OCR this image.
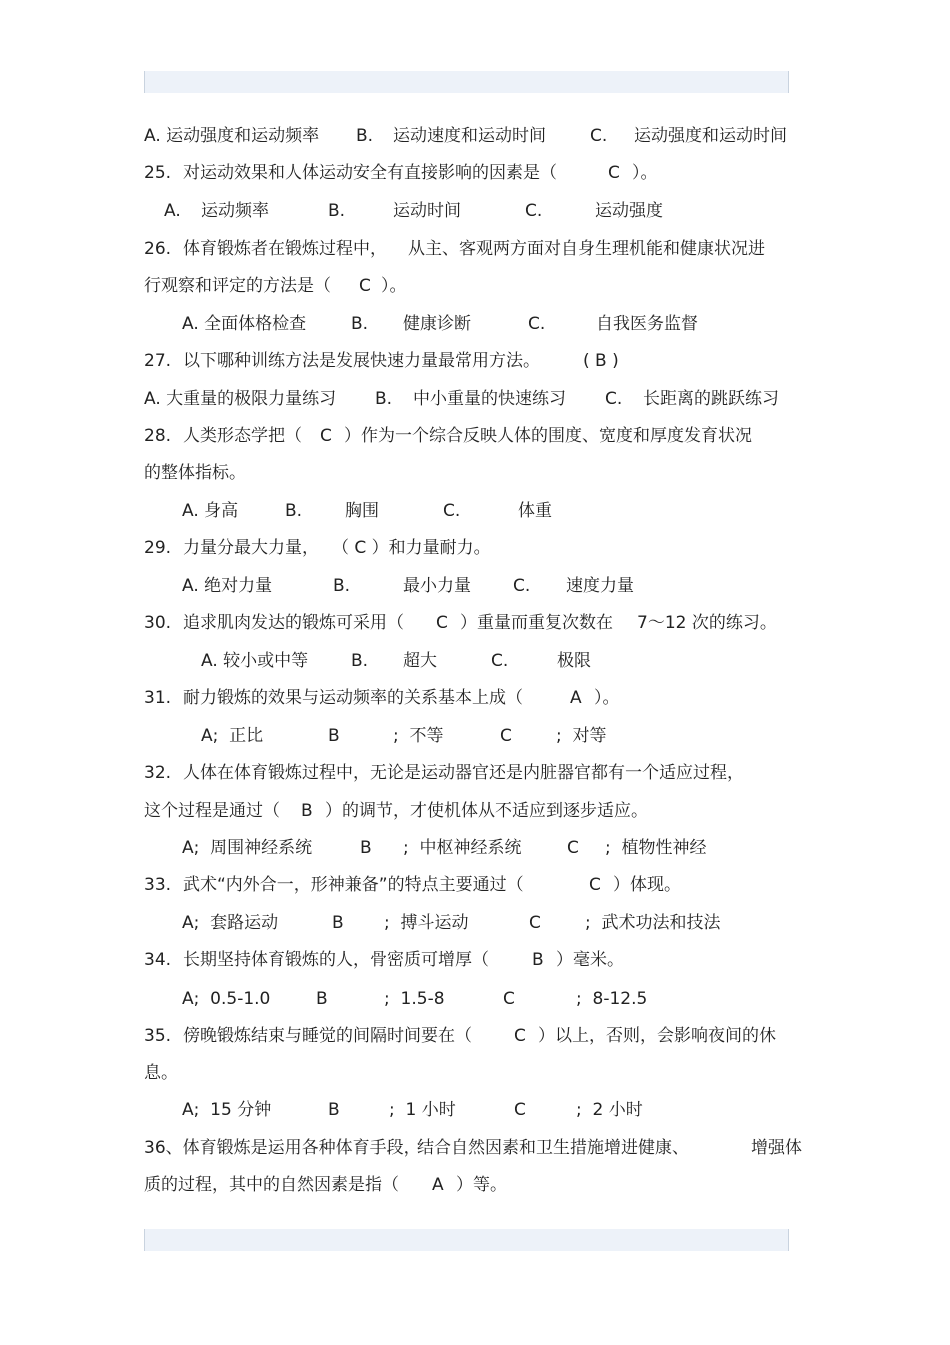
A. 运动强度和运动频率 B. 运动速度和运动时间	C. 运动强度和运动时间
25. 对运动效果和人体运动安全有直接影响的因素是（	C ）。
A. 运动频率	B.	运动时间	C.	运动强度
26. 体育锻炼者在锻炼过程中， 从主、客观两方面对自身生理机能和健康状况进
行观察和评定的方法是（ C ）。
A. 全面体格检查	B. 健康诊断	C.	自我医务监督
27. 以下哪种训练方法是发展快速力量最常用方法。	( B )
A. 大重量的极限力量练习 B. 中小重量的快速练习 C. 长距离的跳跃练习
28. 人类形态学把（ C ）作为一个综合反映人体的围度、宽度和厚度发育状况
的整体指标。
A. 身高	B.	胸围	C.	体重
29. 力量分最大力量， （ C ）和力量耐力。
A. 绝对力量	B.	最小力量 C. 速度力量
30. 追求肌肉发达的锻炼可采用（ C ）重量而重复次数在 7～12 次的练习。
A. 较小或中等	B. 超大	C.	极限
31. 耐力锻炼的效果与运动频率的关系基本上成（	A ）。
A;  正比	B	;  不等	C	;  对等
32. 人体在体育锻炼过程中，无论是运动器官还是内脏器官都有一个适应过程，
这个过程是通过（ B ）的调节，才使机体从不适应到逐步适应。
A;  周围神经系统	B ;  中枢神经系统	C ;  植物性神经
33. 武术“内外合一，形神兼备”的特点主要通过（	C ）体现。
A;  套路运动	B ;  搏斗运动	C	;  武术功法和技法
34. 长期坚持体育锻炼的人，骨密质可增厚（	B ）毫米。
A;  0.5-1.0	B	;  1.5-8	C	;  8-12.5
35. 傍晚锻炼结束与睡觉的间隔时间要在（ C ）以上，否则，会影响夜间的休
息。
A;  15 分钟	B	;  1 小时	C	;  2 小时
36、体育锻炼是运用各种体育手段，
结合自然因素和卫生措施增进健康、	增强体
质的过程，其中的自然因素是指（ A ）等。
